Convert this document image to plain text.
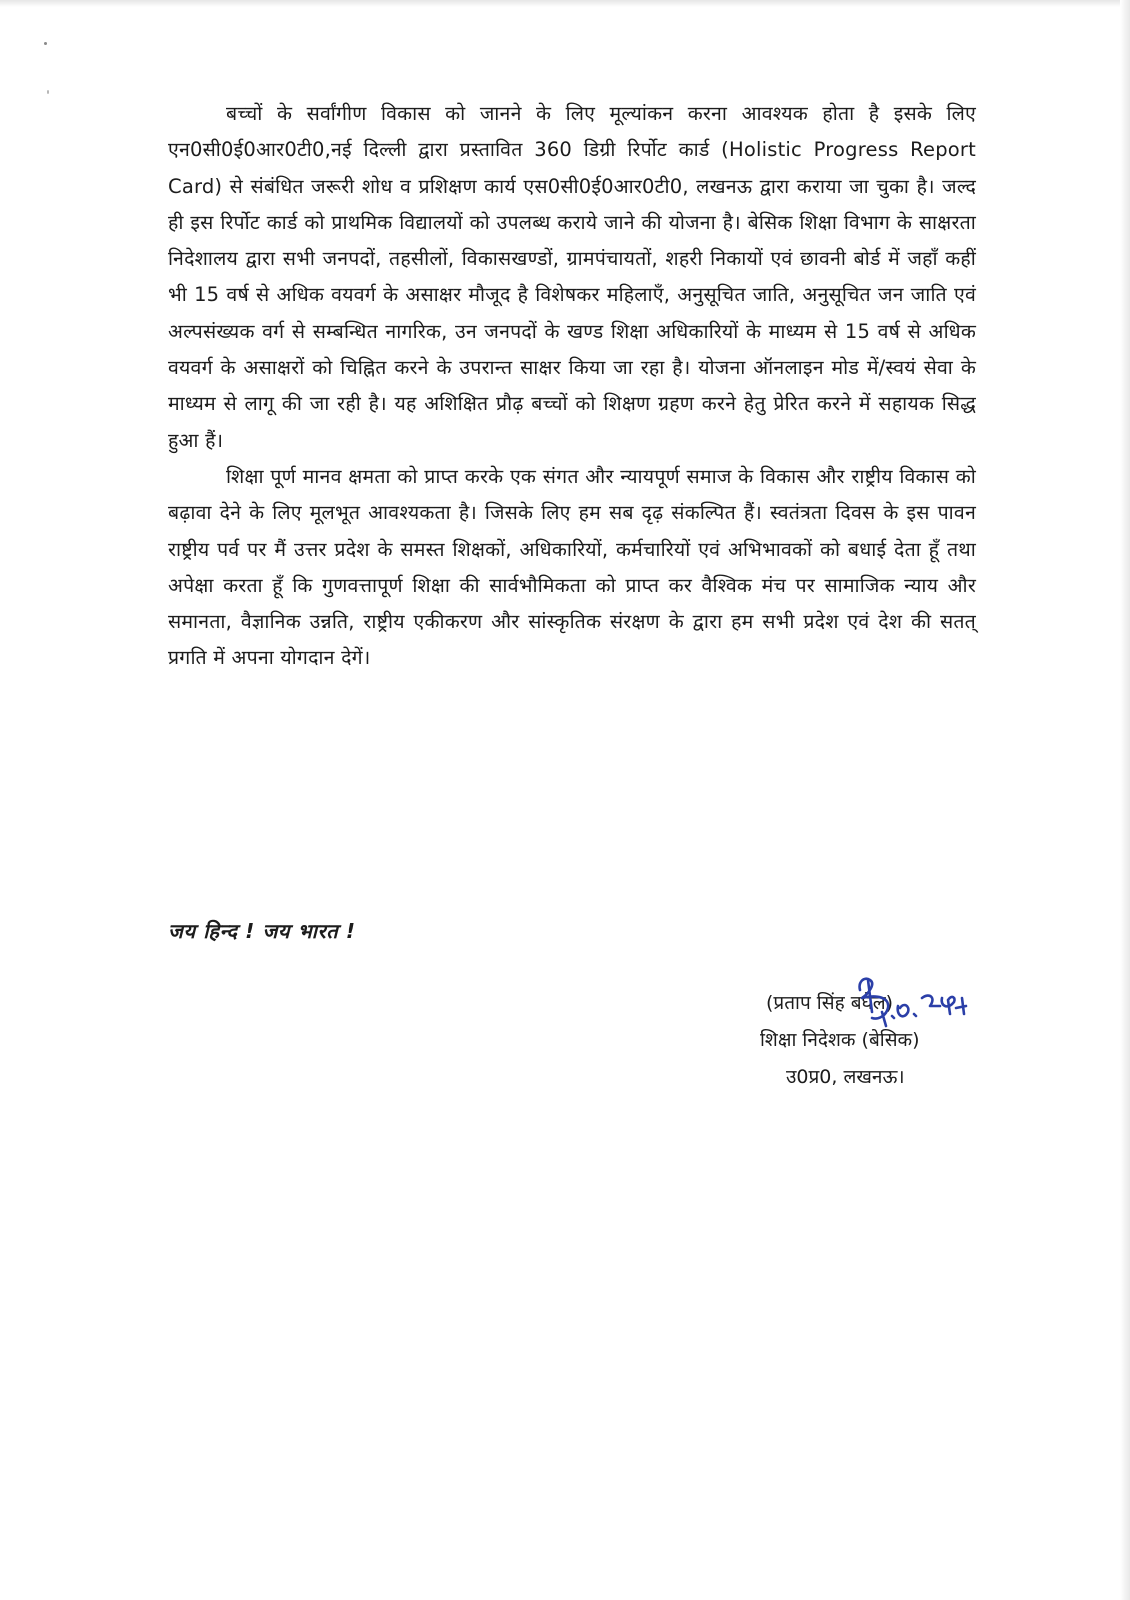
बच्चों के सर्वांगीण विकास को जानने के लिए मूल्यांकन करना आवश्यक होता है इसके लिए एन0सी0ई0आर0टी0,नई दिल्ली द्वारा प्रस्तावित 360 डिग्री रिर्पोट कार्ड (Holistic Progress Report Card) से संबंधित जरूरी शोध व प्रशिक्षण कार्य एस0सी0ई0आर0टी0, लखनऊ द्वारा कराया जा चुका है। जल्द ही इस रिर्पोट कार्ड को प्राथमिक विद्यालयों को उपलब्ध कराये जाने की योजना है। बेसिक शिक्षा विभाग के साक्षरता निदेशालय द्वारा सभी जनपदों, तहसीलों, विकासखण्डों, ग्रामपंचायतों, शहरी निकायों एवं छावनी बोर्ड में जहाँ कहीं भी 15 वर्ष से अधिक वयवर्ग के असाक्षर मौजूद है विशेषकर महिलाएँ, अनुसूचित जाति, अनुसूचित जन जाति एवं अल्पसंख्यक वर्ग से सम्बन्धित नागरिक, उन जनपदों के खण्ड शिक्षा अधिकारियों के माध्यम से 15 वर्ष से अधिक वयवर्ग के असाक्षरों को चिह्नित करने के उपरान्त साक्षर किया जा रहा है। योजना ऑनलाइन मोड में/स्वयं सेवा के माध्यम से लागू की जा रही है। यह अशिक्षित प्रौढ़ बच्चों को शिक्षण ग्रहण करने हेतु प्रेरित करने में सहायक सिद्ध हुआ हैं।

शिक्षा पूर्ण मानव क्षमता को प्राप्त करके एक संगत और न्यायपूर्ण समाज के विकास और राष्ट्रीय विकास को बढ़ावा देने के लिए मूलभूत आवश्यकता है। जिसके लिए हम सब दृढ़ संकल्पित हैं। स्वतंत्रता दिवस के इस पावन राष्ट्रीय पर्व पर मैं उत्तर प्रदेश के समस्त शिक्षकों, अधिकारियों, कर्मचारियों एवं अभिभावकों को बधाई देता हूँ तथा अपेक्षा करता हूँ कि गुणवत्तापूर्ण शिक्षा की सार्वभौमिकता को प्राप्त कर वैश्विक मंच पर सामाजिक न्याय और समानता, वैज्ञानिक उन्नति, राष्ट्रीय एकीकरण और सांस्कृतिक संरक्षण के द्वारा हम सभी प्रदेश एवं देश की सतत् प्रगति में अपना योगदान देगें।

जय हिन्द ! जय भारत !
(प्रताप सिंह बघेल)
शिक्षा निदेशक (बेसिक)
उ0प्र0, लखनऊ।
